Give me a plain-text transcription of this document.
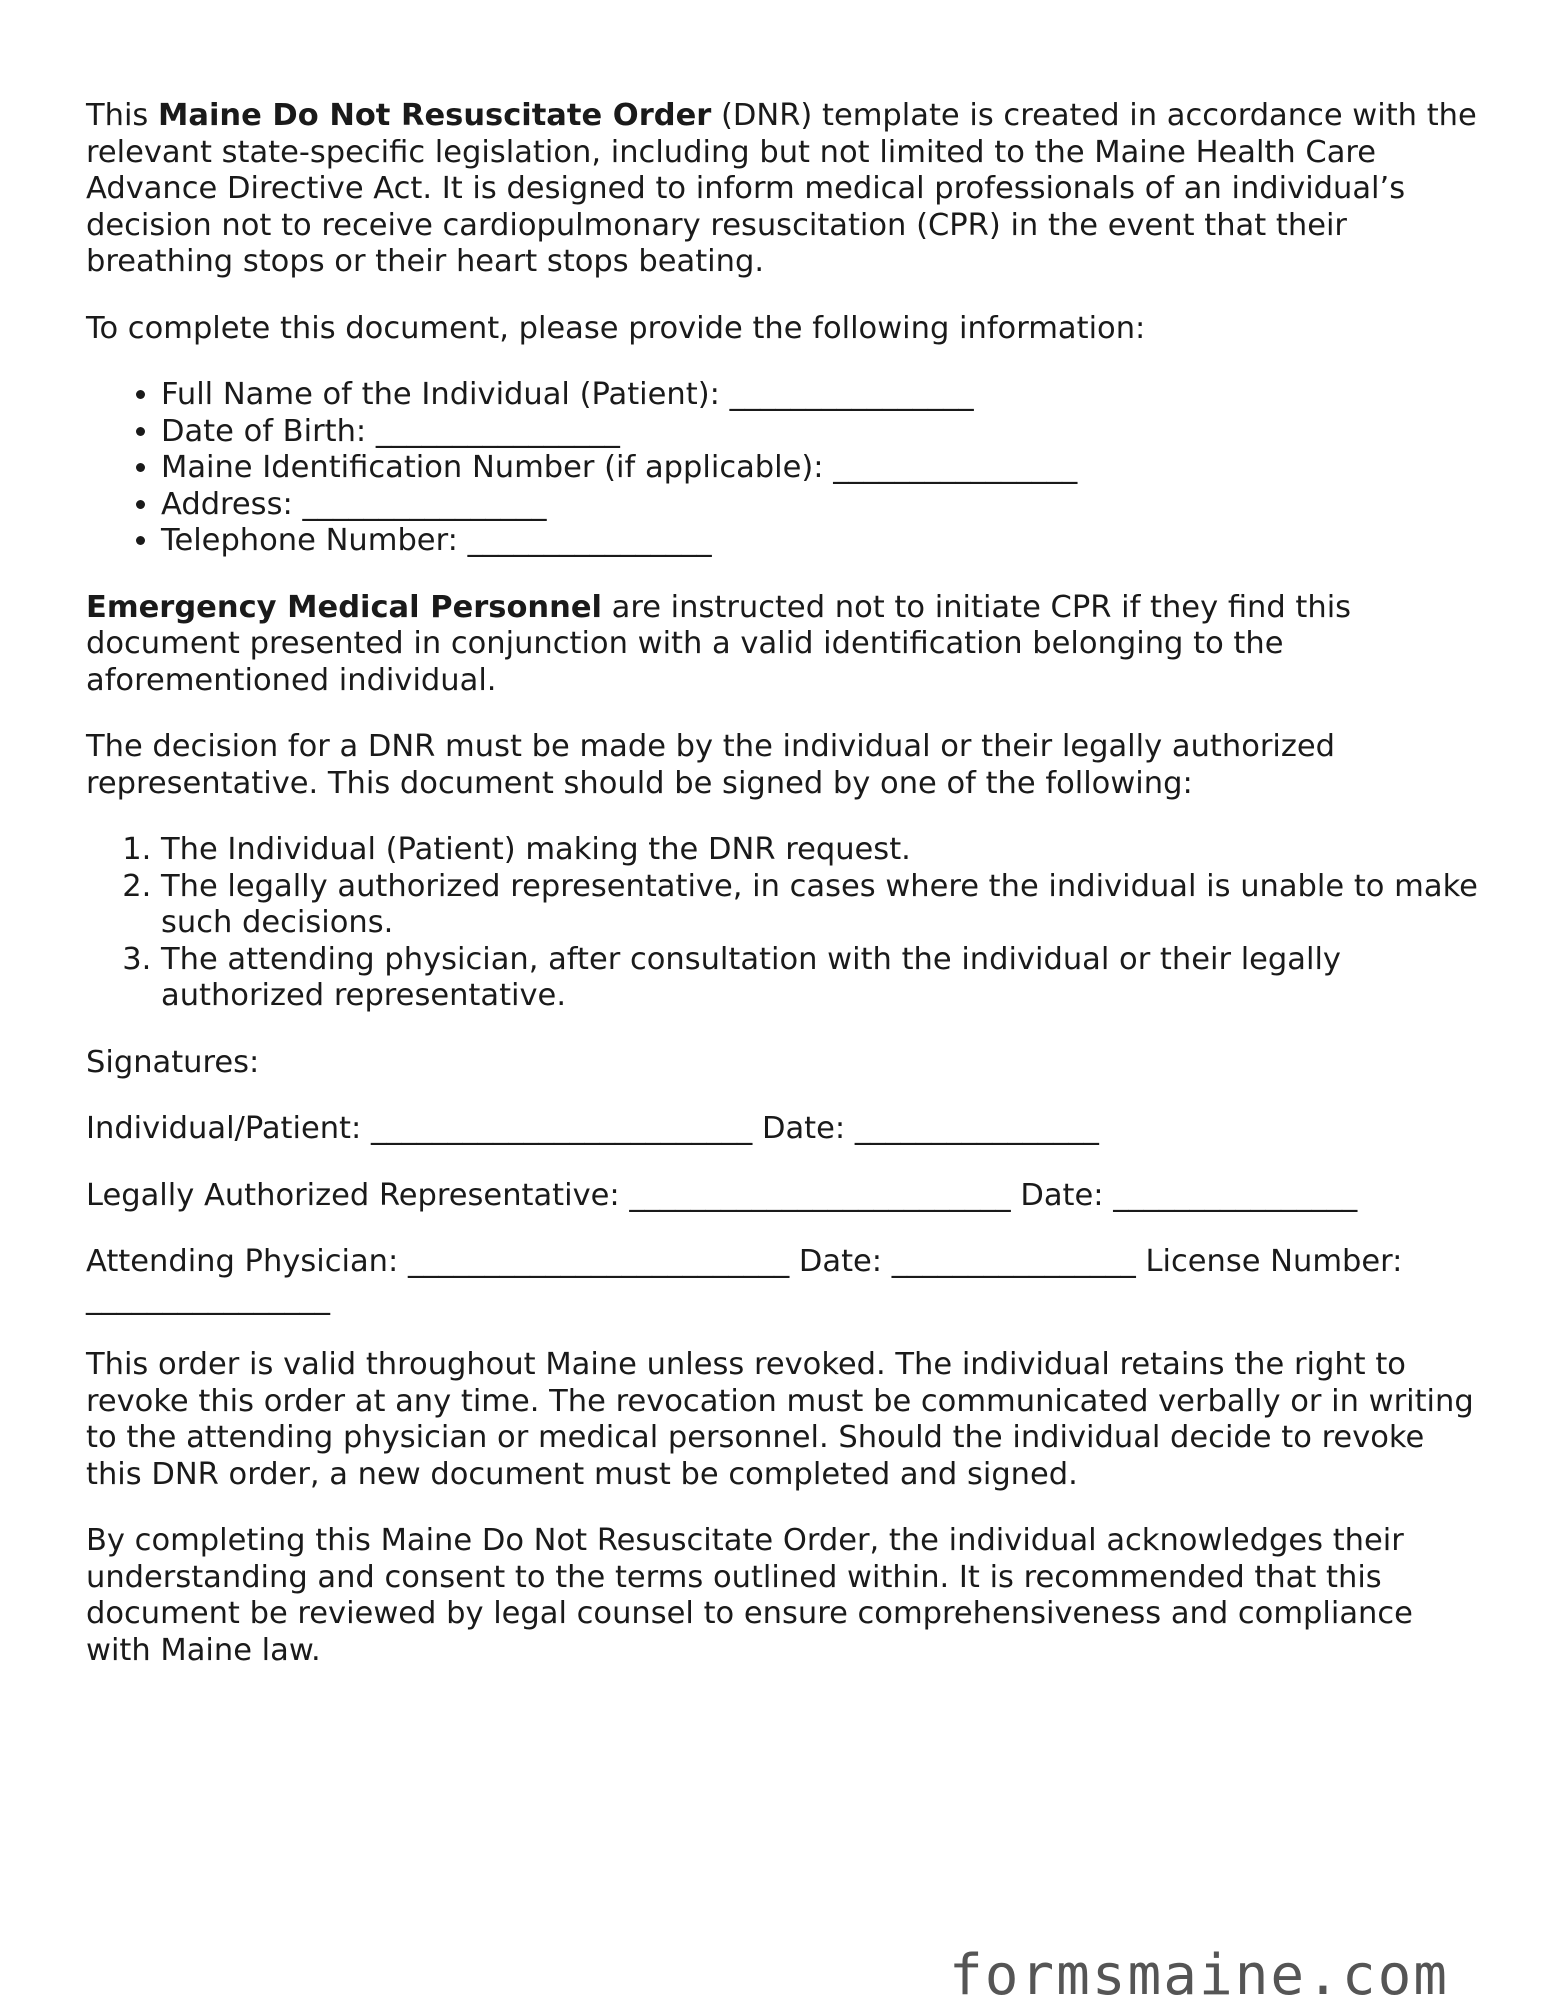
This Maine Do Not Resuscitate Order (DNR) template is created in accordance with the relevant state-specific legislation, including but not limited to the Maine Health Care Advance Directive Act. It is designed to inform medical professionals of an individual’s decision not to receive cardiopulmonary resuscitation (CPR) in the event that their breathing stops or their heart stops beating.

To complete this document, please provide the following information:

• Full Name of the Individual (Patient): ________________
• Date of Birth: ________________
• Maine Identification Number (if applicable): ________________
• Address: ________________
• Telephone Number: ________________

Emergency Medical Personnel are instructed not to initiate CPR if they find this document presented in conjunction with a valid identification belonging to the aforementioned individual.

The decision for a DNR must be made by the individual or their legally authorized representative. This document should be signed by one of the following:

1. The Individual (Patient) making the DNR request.
2. The legally authorized representative, in cases where the individual is unable to make such decisions.
3. The attending physician, after consultation with the individual or their legally authorized representative.

Signatures:

Individual/Patient: _________________________ Date: ________________

Legally Authorized Representative: _________________________ Date: ________________

Attending Physician: _________________________ Date: ________________ License Number: ________________

This order is valid throughout Maine unless revoked. The individual retains the right to revoke this order at any time. The revocation must be communicated verbally or in writing to the attending physician or medical personnel. Should the individual decide to revoke this DNR order, a new document must be completed and signed.

By completing this Maine Do Not Resuscitate Order, the individual acknowledges their understanding and consent to the terms outlined within. It is recommended that this document be reviewed by legal counsel to ensure comprehensiveness and compliance with Maine law.

formsmaine.com
